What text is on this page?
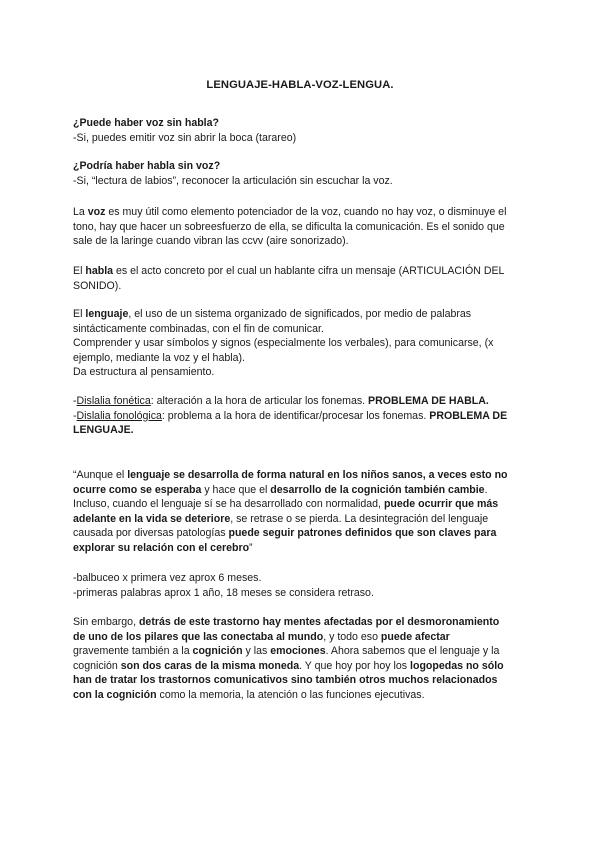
LENGUAJE-HABLA-VOZ-LENGUA.

¿Puede haber voz sin habla?

-Si, puedes emitir voz sin abrir la boca (tarareo)

¿Podría haber habla sin voz?

-Si, “lectura de labios”, reconocer la articulación sin escuchar la voz.

La voz es muy útil como elemento potenciador de la voz, cuando no hay voz, o disminuye el

tono, hay que hacer un sobreesfuerzo de ella, se dificulta la comunicación. Es el sonido que

sale de la laringe cuando vibran las ccvv (aire sonorizado).

El habla es el acto concreto por el cual un hablante cifra un mensaje (ARTICULACIÓN DEL

SONIDO).

El lenguaje, el uso de un sistema organizado de significados, por medio de palabras

sintácticamente combinadas, con el fin de comunicar.

Comprender y usar símbolos y signos (especialmente los verbales), para comunicarse, (x

ejemplo, mediante la voz y el habla).

Da estructura al pensamiento.

-Dislalia fonética: alteración a la hora de articular los fonemas. PROBLEMA DE HABLA.

-Dislalia fonológica: problema a la hora de identificar/procesar los fonemas. PROBLEMA DE

LENGUAJE.

“Aunque el lenguaje se desarrolla de forma natural en los niños sanos, a veces esto no

ocurre como se esperaba y hace que el desarrollo de la cognición también cambie.

Incluso, cuando el lenguaje sí se ha desarrollado con normalidad, puede ocurrir que más

adelante en la vida se deteriore, se retrase o se pierda. La desintegración del lenguaje

causada por diversas patologías puede seguir patrones definidos que son claves para

explorar su relación con el cerebro”

-balbuceo x primera vez aprox 6 meses.

-primeras palabras aprox 1 año, 18 meses se considera retraso.

Sin embargo, detrás de este trastorno hay mentes afectadas por el desmoronamiento

de uno de los pilares que las conectaba al mundo, y todo eso puede afectar

gravemente también a la cognición y las emociones. Ahora sabemos que el lenguaje y la

cognición son dos caras de la misma moneda. Y que hoy por hoy los logopedas no sólo

han de tratar los trastornos comunicativos sino también otros muchos relacionados

con la cognición como la memoria, la atención o las funciones ejecutivas.
